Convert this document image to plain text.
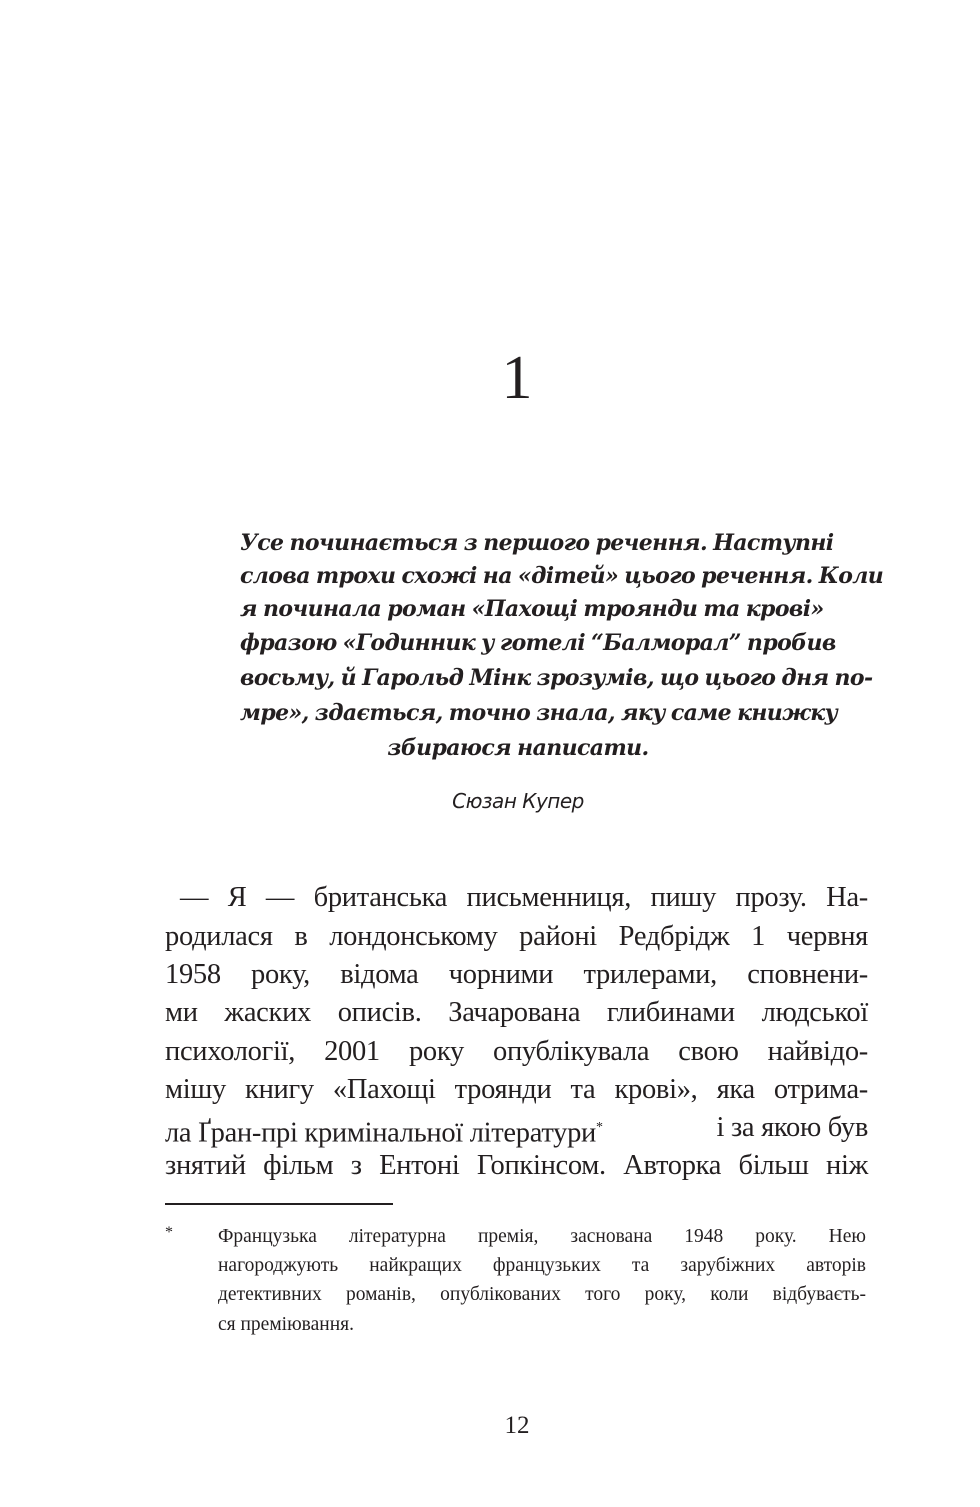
1
Усе починається з першого речення. Наступні
слова трохи схожі на «дітей» цього речення. Коли
я починала роман «Пахощі троянди та крові»
фразою «Годинник у готелі “Балморал” пробив
восьму, й Гарольд Мінк зрозумів, що цього дня по-
мре», здається, точно знала, яку саме книжку
збираюся написати.
Сюзан Купер
— Я — британська письменниця, пишу прозу. На-
родилася в лондонському районі Редбрідж 1 червня
1958 року, відома чорними трилерами, сповнени-
ми жаских описів. Зачарована глибинами людської
психології, 2001 року опублікувала свою найвідо-
мішу книгу «Пахощі троянди та крові», яка отрима-
ла Ґран-прі кримінальної літератури*	і за якою був
знятий фільм з Ентоні Гопкінсом. Авторка більш ніж
* Французька літературна премія, заснована 1948 року. Нею
нагороджують найкращих французьких та зарубіжних авторів
детективних романів, опублікованих того року, коли відбуваєть-
ся преміювання.
12
